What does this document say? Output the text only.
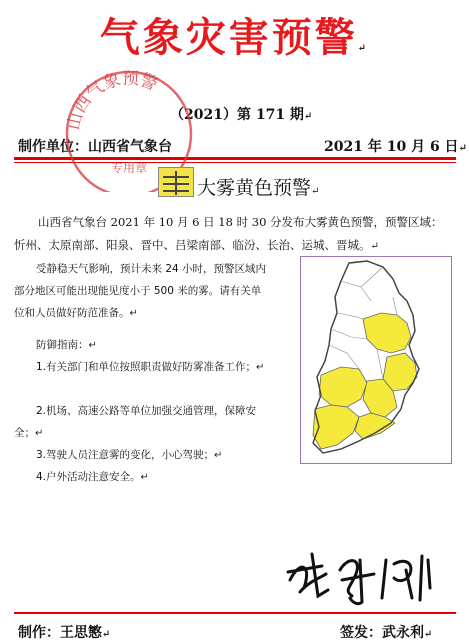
气象灾害预警↵
（2021）第 171 期↵
制作单位：山西省气象台	2021 年 10 月 6 日↵
山西气象预警
专用章
大雾黄色预警↵
山西省气象台 2021 年 10 月 6 日 18 时 30 分发布大雾黄色预警，预警区域：忻州、太原南部、阳泉、晋中、吕梁南部、临汾、长治、运城、晋城。↵
受静稳天气影响，预计未来 24 小时，预警区域内部分地区可能出现能见度小于 500 米的雾。请有关单位和人员做好防范准备。↵
防御指南：↵
1.有关部门和单位按照职责做好防雾准备工作；↵
2.机场、高速公路等单位加强交通管理，保障安全；↵
3.驾驶人员注意雾的变化，小心驾驶；↵
4.户外活动注意安全。↵
制作：王思慜↵	签发：武永利↵
